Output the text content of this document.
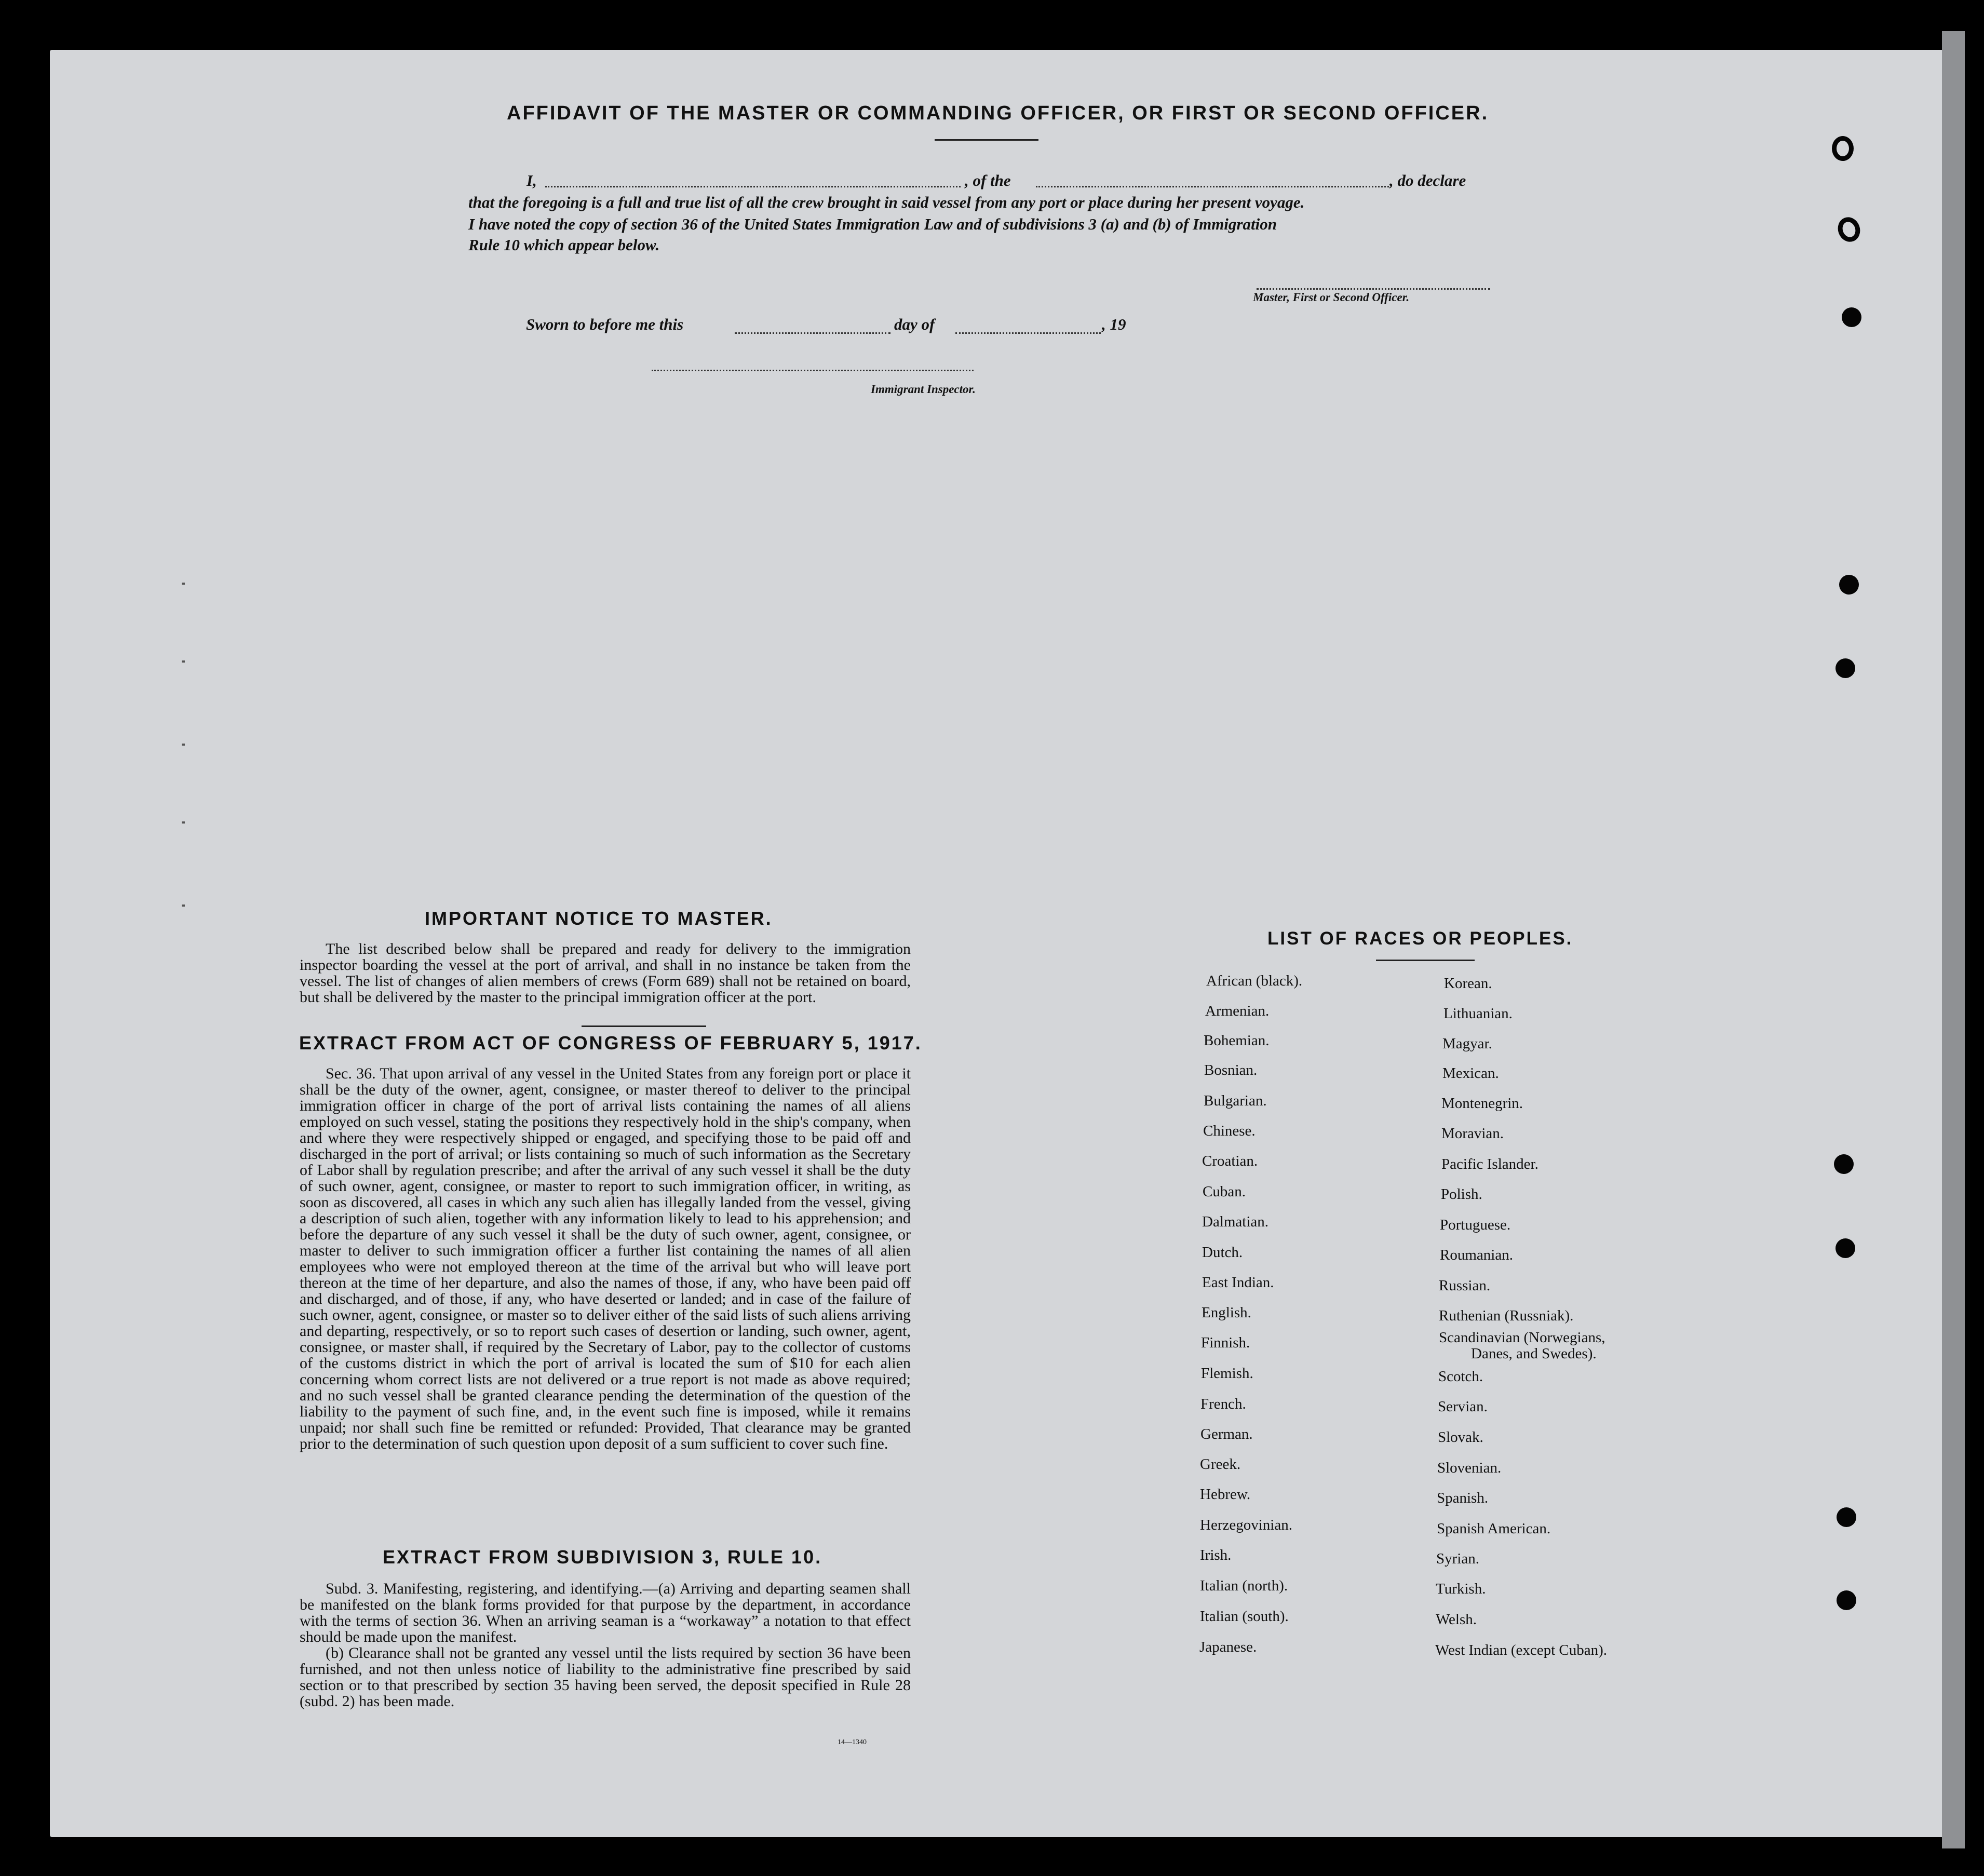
AFFIDAVIT OF THE MASTER OR COMMANDING OFFICER, OR FIRST OR SECOND OFFICER.
I,	, of the	, do declare
that the foregoing is a full and true list of all the crew brought in said vessel from any port or place during her present voyage.
I have noted the copy of section 36 of the United States Immigration Law and of subdivisions 3 (a) and (b) of Immigration
Rule 10 which appear below.
Master, First or Second Officer.
Sworn to before me this	day of	, 19
Immigrant Inspector.
IMPORTANT NOTICE TO MASTER.

The list described below shall be prepared and ready for delivery to the immigration inspector boarding the vessel at the port of arrival, and shall in no instance be taken from the vessel. The list of changes of alien members of crews (Form 689) shall not be retained on board, but shall be delivered by the master to the principal immigration officer at the port.

EXTRACT FROM ACT OF CONGRESS OF FEBRUARY 5, 1917.

Sec. 36. That upon arrival of any vessel in the United States from any foreign port or place it shall be the duty of the owner, agent, consignee, or master thereof to deliver to the principal immigration officer in charge of the port of arrival lists containing the names of all aliens employed on such vessel, stating the positions they respectively hold in the ship's company, when and where they were respectively shipped or engaged, and specifying those to be paid off and discharged in the port of arrival; or lists containing so much of such information as the Secretary of Labor shall by regulation prescribe; and after the arrival of any such vessel it shall be the duty of such owner, agent, consignee, or master to report to such immigration officer, in writing, as soon as discovered, all cases in which any such alien has illegally landed from the vessel, giving a description of such alien, together with any information likely to lead to his apprehension; and before the departure of any such vessel it shall be the duty of such owner, agent, consignee, or master to deliver to such immigration officer a further list containing the names of all alien employees who were not employed thereon at the time of the arrival but who will leave port thereon at the time of her departure, and also the names of those, if any, who have been paid off and discharged, and of those, if any, who have deserted or landed; and in case of the failure of such owner, agent, consignee, or master so to deliver either of the said lists of such aliens arriving and departing, respectively, or so to report such cases of desertion or landing, such owner, agent, consignee, or master shall, if required by the Secretary of Labor, pay to the collector of customs of the customs district in which the port of arrival is located the sum of $10 for each alien concerning whom correct lists are not delivered or a true report is not made as above required; and no such vessel shall be granted clearance pending the determination of the question of the liability to the payment of such fine, and, in the event such fine is imposed, while it remains unpaid; nor shall such fine be remitted or refunded: Provided, That clearance may be granted prior to the determination of such question upon deposit of a sum sufficient to cover such fine.

EXTRACT FROM SUBDIVISION 3, RULE 10.

Subd. 3. Manifesting, registering, and identifying.—(a) Arriving and departing seamen shall be manifested on the blank forms provided for that purpose by the department, in accordance with the terms of section 36. When an arriving seaman is a “workaway” a notation to that effect should be made upon the manifest.

(b) Clearance shall not be granted any vessel until the lists required by section 36 have been furnished, and not then unless notice of liability to the administrative fine prescribed by said section or to that prescribed by section 35 having been served, the deposit specified in Rule 28 (subd. 2) has been made.

14—1340
LIST OF RACES OR PEOPLES.
African (black).
Armenian.
Bohemian.
Bosnian.
Bulgarian.
Chinese.
Croatian.
Cuban.
Dalmatian.
Dutch.
East Indian.
English.
Finnish.
Flemish.
French.
German.
Greek.
Hebrew.
Herzegovinian.
Irish.
Italian (north).
Italian (south).
Japanese.
Korean.
Lithuanian.
Magyar.
Mexican.
Montenegrin.
Moravian.
Pacific Islander.
Polish.
Portuguese.
Roumanian.
Russian.
Ruthenian (Russniak).
Scandinavian (Norwegians,
Danes, and Swedes).
Scotch.
Servian.
Slovak.
Slovenian.
Spanish.
Spanish American.
Syrian.
Turkish.
Welsh.
West Indian (except Cuban).
